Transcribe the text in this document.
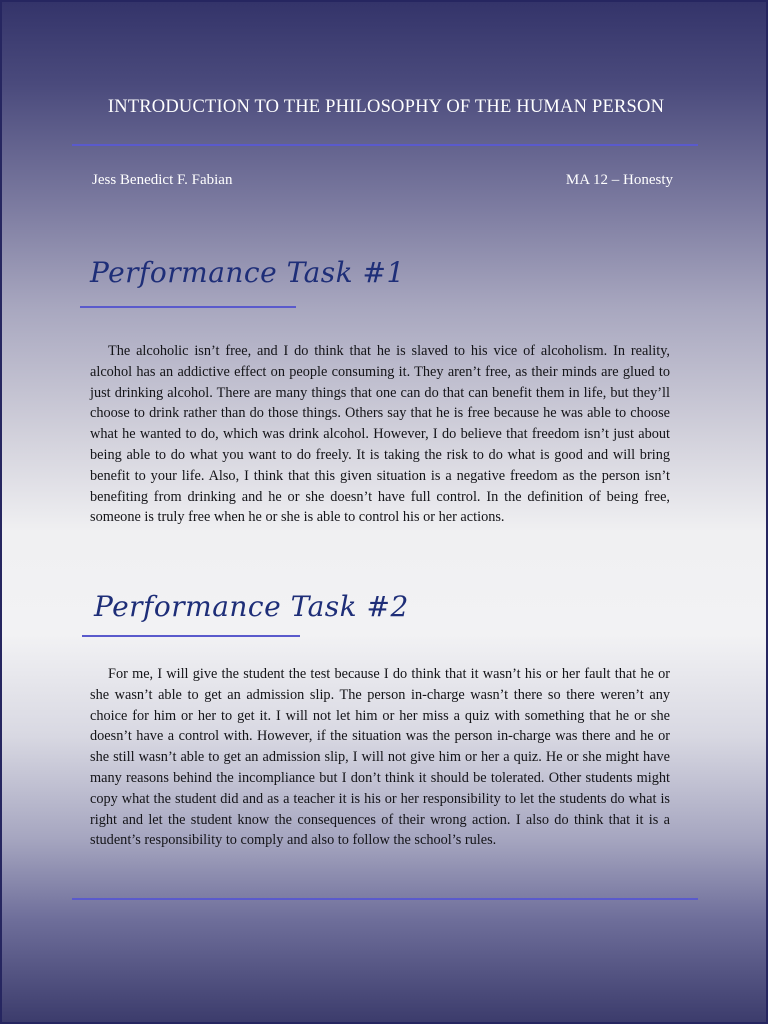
INTRODUCTION TO THE PHILOSOPHY OF THE HUMAN PERSON
Jess Benedict F. Fabian	MA 12 – Honesty
Performance Task #1

The alcoholic isn’t free, and I do think that he is slaved to his vice of alcoholism. In reality, alcohol has an addictive effect on people consuming it. They aren’t free, as their minds are glued to just drinking alcohol. There are many things that one can do that can benefit them in life, but they’ll choose to drink rather than do those things. Others say that he is free because he was able to choose what he wanted to do, which was drink alcohol. However, I do believe that freedom isn’t just about being able to do what you want to do freely. It is taking the risk to do what is good and will bring benefit to your life. Also, I think that this given situation is a negative freedom as the person isn’t benefiting from drinking and he or she doesn’t have full control. In the definition of being free, someone is truly free when he or she is able to control his or her actions.

Performance Task #2

For me, I will give the student the test because I do think that it wasn’t his or her fault that he or she wasn’t able to get an admission slip. The person in-charge wasn’t there so there weren’t any choice for him or her to get it. I will not let him or her miss a quiz with something that he or she doesn’t have a control with. However, if the situation was the person in-charge was there and he or she still wasn’t able to get an admission slip, I will not give him or her a quiz. He or she might have many reasons behind the incompliance but I don’t think it should be tolerated. Other students might copy what the student did and as a teacher it is his or her responsibility to let the students do what is right and let the student know the consequences of their wrong action. I also do think that it is a student’s responsibility to comply and also to follow the school’s rules.
